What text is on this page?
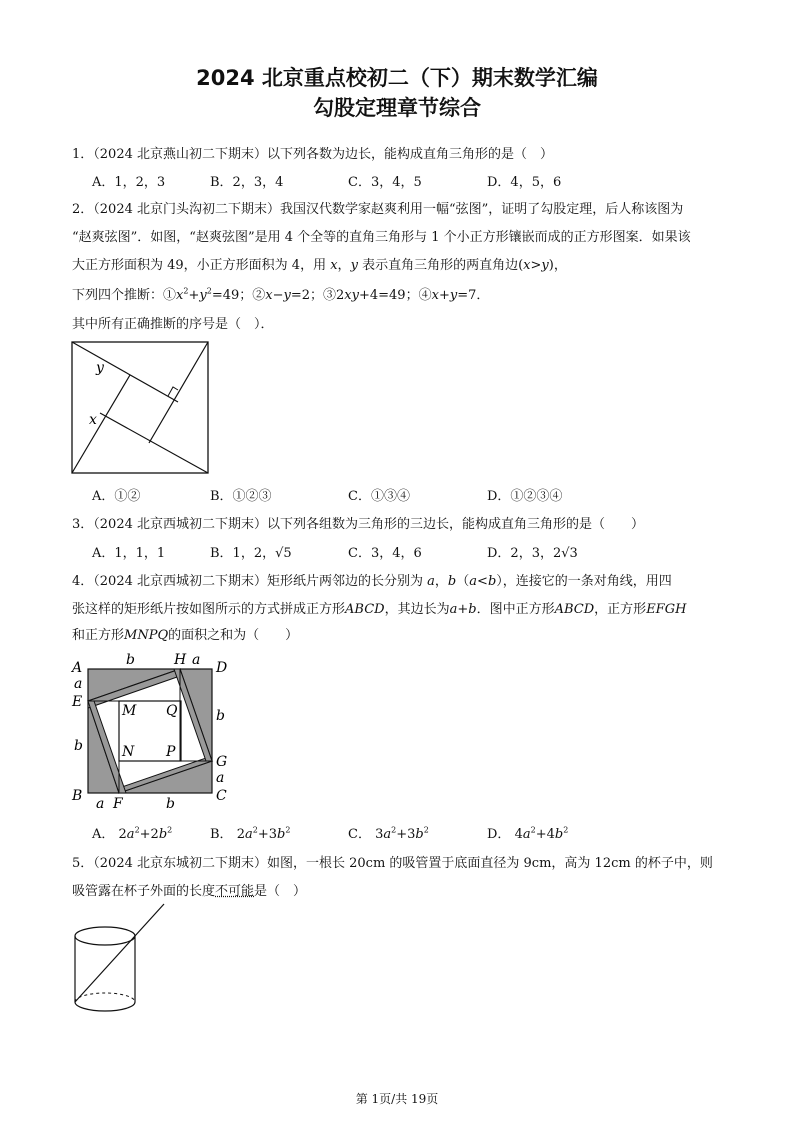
2024 北京重点校初二（下）期末数学汇编
勾股定理章节综合
1．（2024 北京燕山初二下期末）以下列各数为边长，能构成直角三角形的是（　）
A．1，2，3	B．2，3，4	C．3，4，5	D．4，5，6
2．（2024 北京门头沟初二下期末）我国汉代数学家赵爽利用一幅“弦图”，证明了勾股定理，后人称该图为
“赵爽弦图”．如图，“赵爽弦图”是用 4 个全等的直角三角形与 1 个小正方形镶嵌而成的正方形图案．如果该
大正方形面积为 49，小正方形面积为 4，用 x，y 表示直角三角形的两直角边(x>y)，
下列四个推断：$①x^2+y^2=49$；②x−y=2；③2xy+4=49；④x+y=7．
其中所有正确推断的序号是（　）．
y
x
A．①②	B．①②③	C．①③④	D．①②③④
3．（2024 北京西城初二下期末）以下列各组数为三角形的三边长，能构成直角三角形的是（　　）
A．1，1，1	B．1，2，√5	C．3，4，6	D．2，3，2√3
4．（2024 北京西城初二下期末）矩形纸片两邻边的长分别为 a，b（a<b），连接它的一条对角线，用四
张这样的矩形纸片按如图所示的方式拼成正方形ABCD，其边长为a+b．图中正方形ABCD，正方形EFGH
和正方形MNPQ的面积之和为（　　）
A
B	C
D
E
F
G
H
M
N P
Q
a
b	a
b
b
a
a	b
A． $2a^2+2b^2$	B． $2a^2+3b^2$	C． $3a^2+3b^2$	D． $4a^2+4b^2$
5．（2024 北京东城初二下期末）如图，一根长 20cm 的吸管置于底面直径为 9cm，高为 12cm 的杯子中，则
吸管露在杯子外面的长度不可能是（　）
第 1页/共 19页
